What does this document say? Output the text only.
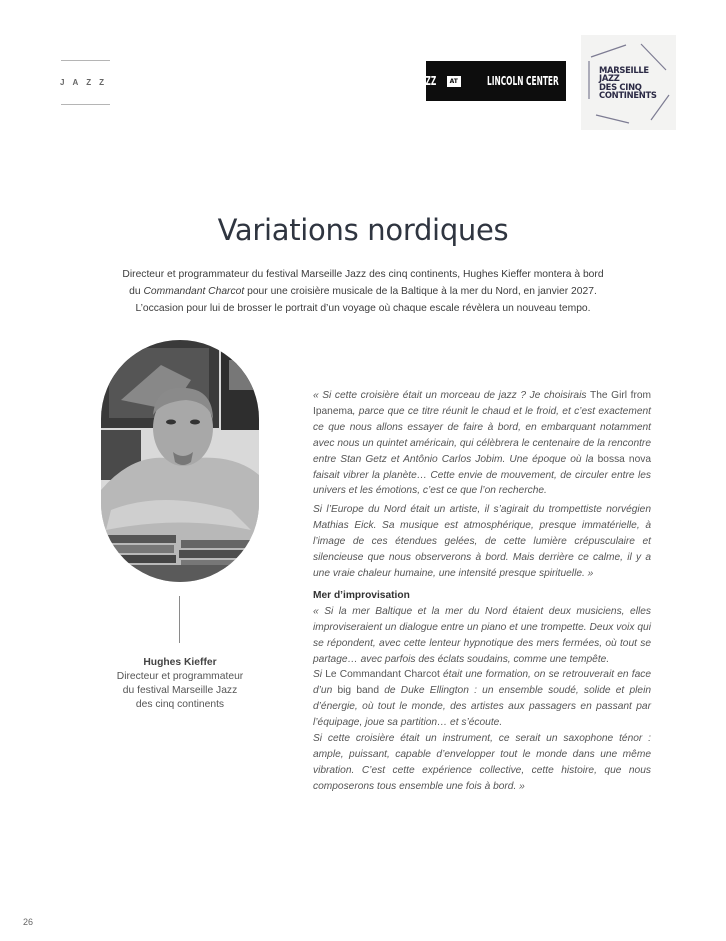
JAZZ	JAZZ	AT LINCOLN CENTER
MARSEILLE
JAZZ
DES CINQ
CONTINENTS
Variations nordiques
Directeur et programmateur du festival Marseille Jazz des cinq continents, Hughes Kieffer montera à bord
du Commandant Charcot pour une croisière musicale de la Baltique à la mer du Nord, en janvier 2027.
L’occasion pour lui de brosser le portrait d’un voyage où chaque escale révèlera un nouveau tempo.
Hughes Kieffer
Directeur et programmateur
du festival Marseille Jazz
des cinq continents

« Si cette croisière était un morceau de jazz ? Je choisirais The Girl from Ipanema, parce que ce titre réunit le chaud et le froid, et c’est exactement ce que nous allons essayer de faire à bord, en embarquant notamment avec nous un quintet américain, qui célèbrera le centenaire de la rencontre entre Stan Getz et Antônio Carlos Jobim. Une époque où la bossa nova faisait vibrer la planète… Cette envie de mouvement, de circuler entre les univers et les émotions, c’est ce que l’on recherche.

Si l’Europe du Nord était un artiste, il s’agirait du trompettiste norvégien Mathias Eick. Sa musique est atmosphérique, presque immatérielle, à l’image de ces étendues gelées, de cette lumière crépusculaire et silencieuse que nous observerons à bord. Mais derrière ce calme, il y a une vraie chaleur humaine, une intensité presque spirituelle. »

Mer d’improvisation

« Si la mer Baltique et la mer du Nord étaient deux musiciens, elles improviseraient un dialogue entre un piano et une trompette. Deux voix qui se répondent, avec cette lenteur hypnotique des mers fermées, où tout se partage… avec parfois des éclats soudains, comme une tempête.

Si Le Commandant Charcot était une formation, on se retrouverait en face d’un big band de Duke Ellington : un ensemble soudé, solide et plein d’énergie, où tout le monde, des artistes aux passagers en passant par l’équipage, joue sa partition… et s’écoute.

Si cette croisière était un instrument, ce serait un saxophone ténor : ample, puissant, capable d’envelopper tout le monde dans une même vibration. C’est cette expérience collective, cette histoire, que nous composerons tous ensemble une fois à bord. »

26
